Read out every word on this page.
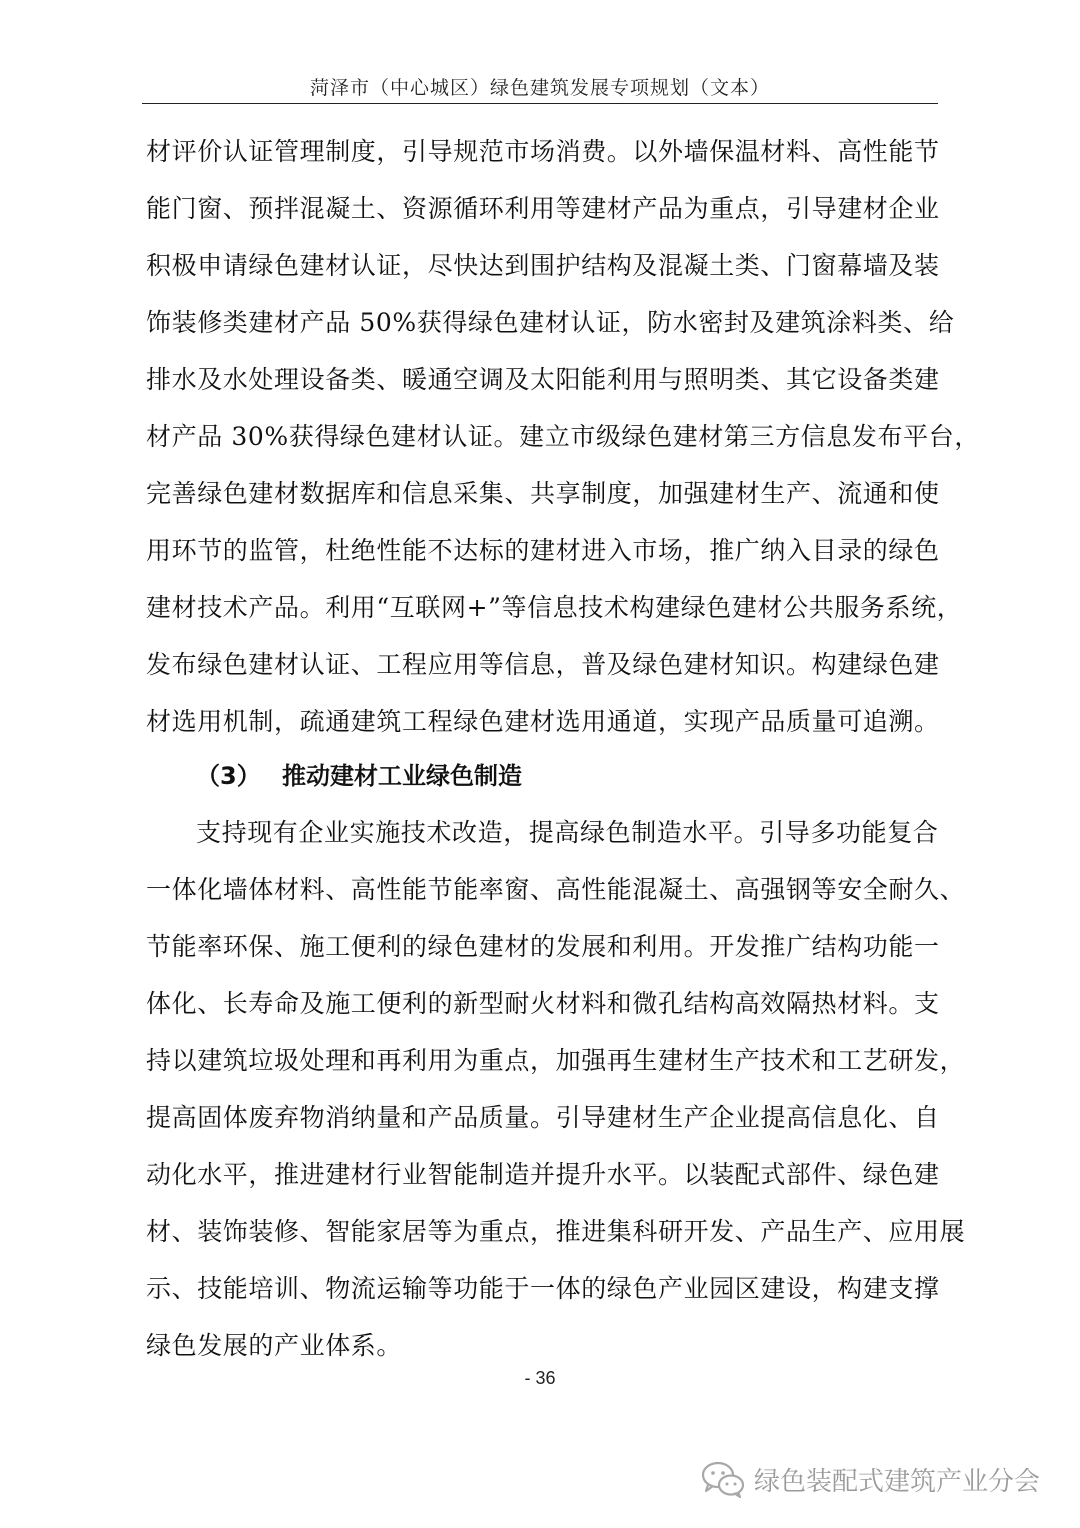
菏泽市（中心城区）绿色建筑发展专项规划（文本）
材评价认证管理制度，引导规范市场消费。以外墙保温材料、高性能节
能门窗、预拌混凝土、资源循环利用等建材产品为重点，引导建材企业
积极申请绿色建材认证，尽快达到围护结构及混凝土类、门窗幕墙及装
饰装修类建材产品 50%获得绿色建材认证，防水密封及建筑涂料类、给
排水及水处理设备类、暖通空调及太阳能利用与照明类、其它设备类建
材产品 30%获得绿色建材认证。建立市级绿色建材第三方信息发布平台，
完善绿色建材数据库和信息采集、共享制度，加强建材生产、流通和使
用环节的监管，杜绝性能不达标的建材进入市场，推广纳入目录的绿色
建材技术产品。利用“互联网+”等信息技术构建绿色建材公共服务系统，
发布绿色建材认证、工程应用等信息，普及绿色建材知识。构建绿色建
材选用机制，疏通建筑工程绿色建材选用通道，实现产品质量可追溯。
（3） 推动建材工业绿色制造
支持现有企业实施技术改造，提高绿色制造水平。引导多功能复合
一体化墙体材料、高性能节能率窗、高性能混凝土、高强钢等安全耐久、
节能率环保、施工便利的绿色建材的发展和利用。开发推广结构功能一
体化、长寿命及施工便利的新型耐火材料和微孔结构高效隔热材料。支
持以建筑垃圾处理和再利用为重点，加强再生建材生产技术和工艺研发，
提高固体废弃物消纳量和产品质量。引导建材生产企业提高信息化、自
动化水平，推进建材行业智能制造并提升水平。以装配式部件、绿色建
材、装饰装修、智能家居等为重点，推进集科研开发、产品生产、应用展
示、技能培训、物流运输等功能于一体的绿色产业园区建设，构建支撑
绿色发展的产业体系。
- 36
绿色装配式建筑产业分会
